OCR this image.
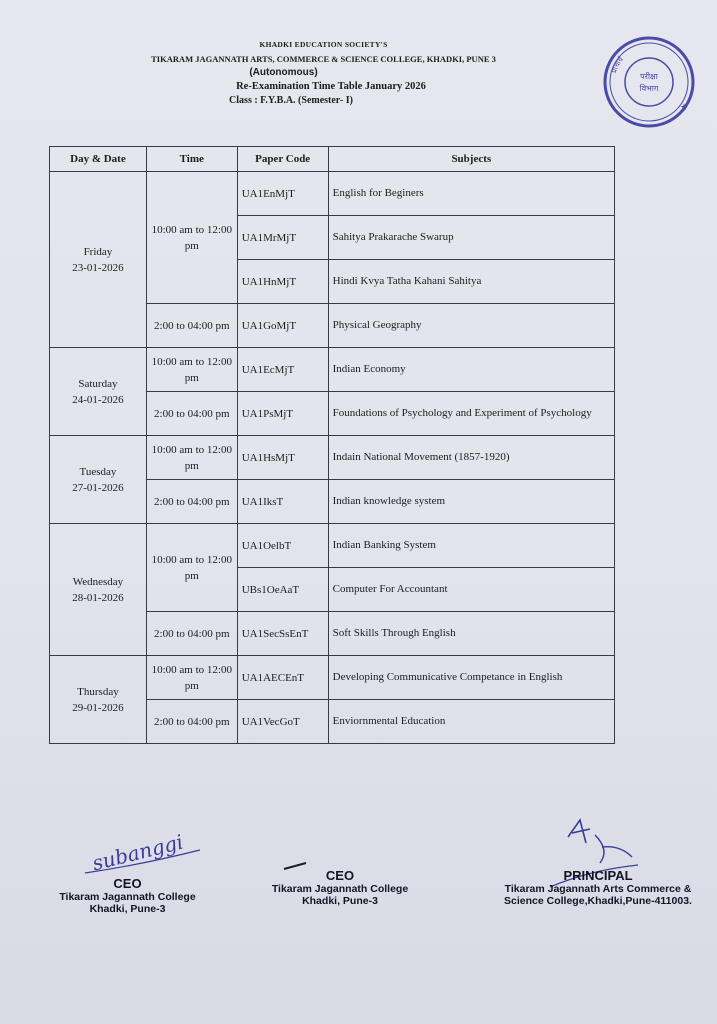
KHADKI EDUCATION SOCIETY'S
TIKARAM JAGANNATH ARTS, COMMERCE & SCIENCE COLLEGE, KHADKI, PUNE 3
(Autonomous)
Re-Examination Time Table January 2026
Class : F.Y.B.A. (Semester- I)
प्राचार्य
परीक्षा
विभाग
★
Day & Date	Time	Paper Code	Subjects

Friday
23-01-2026	10:00 am to 12:00 pm	UA1EnMjT	English for Beginers
		UA1MrMjT	Sahitya Prakarache Swarup
		UA1HnMjT	Hindi Kvya Tatha Kahani Sahitya
	2:00 to 04:00 pm	UA1GoMjT	Physical Geography

Saturday
24-01-2026	10:00 am to 12:00 pm	UA1EcMjT	Indian Economy
	2:00 to 04:00 pm	UA1PsMjT	Foundations of Psychology and Experiment of Psychology

Tuesday
27-01-2026	10:00 am to 12:00 pm	UA1HsMjT	Indain National Movement (1857-1920)
	2:00 to 04:00 pm	UA1IksT	Indian knowledge system

Wednesday
28-01-2026	10:00 am to 12:00 pm	UA1OelbT	Indian Banking System
		UBs1OeAaT	Computer For Accountant
	2:00 to 04:00 pm	UA1SecSsEnT	Soft Skills Through English

Thursday
29-01-2026	10:00 am to 12:00 pm	UA1AECEnT	Developing Communicative Competance in English
	2:00 to 04:00 pm	UA1VecGoT	Enviornmental Education
subanggi
CEO
Tikaram Jagannath College
Khadki, Pune-3
CEO
Tikaram Jagannath College
Khadki, Pune-3
PRINCIPAL
Tikaram Jagannath Arts Commerce &
Science College,Khadki,Pune-411003.
